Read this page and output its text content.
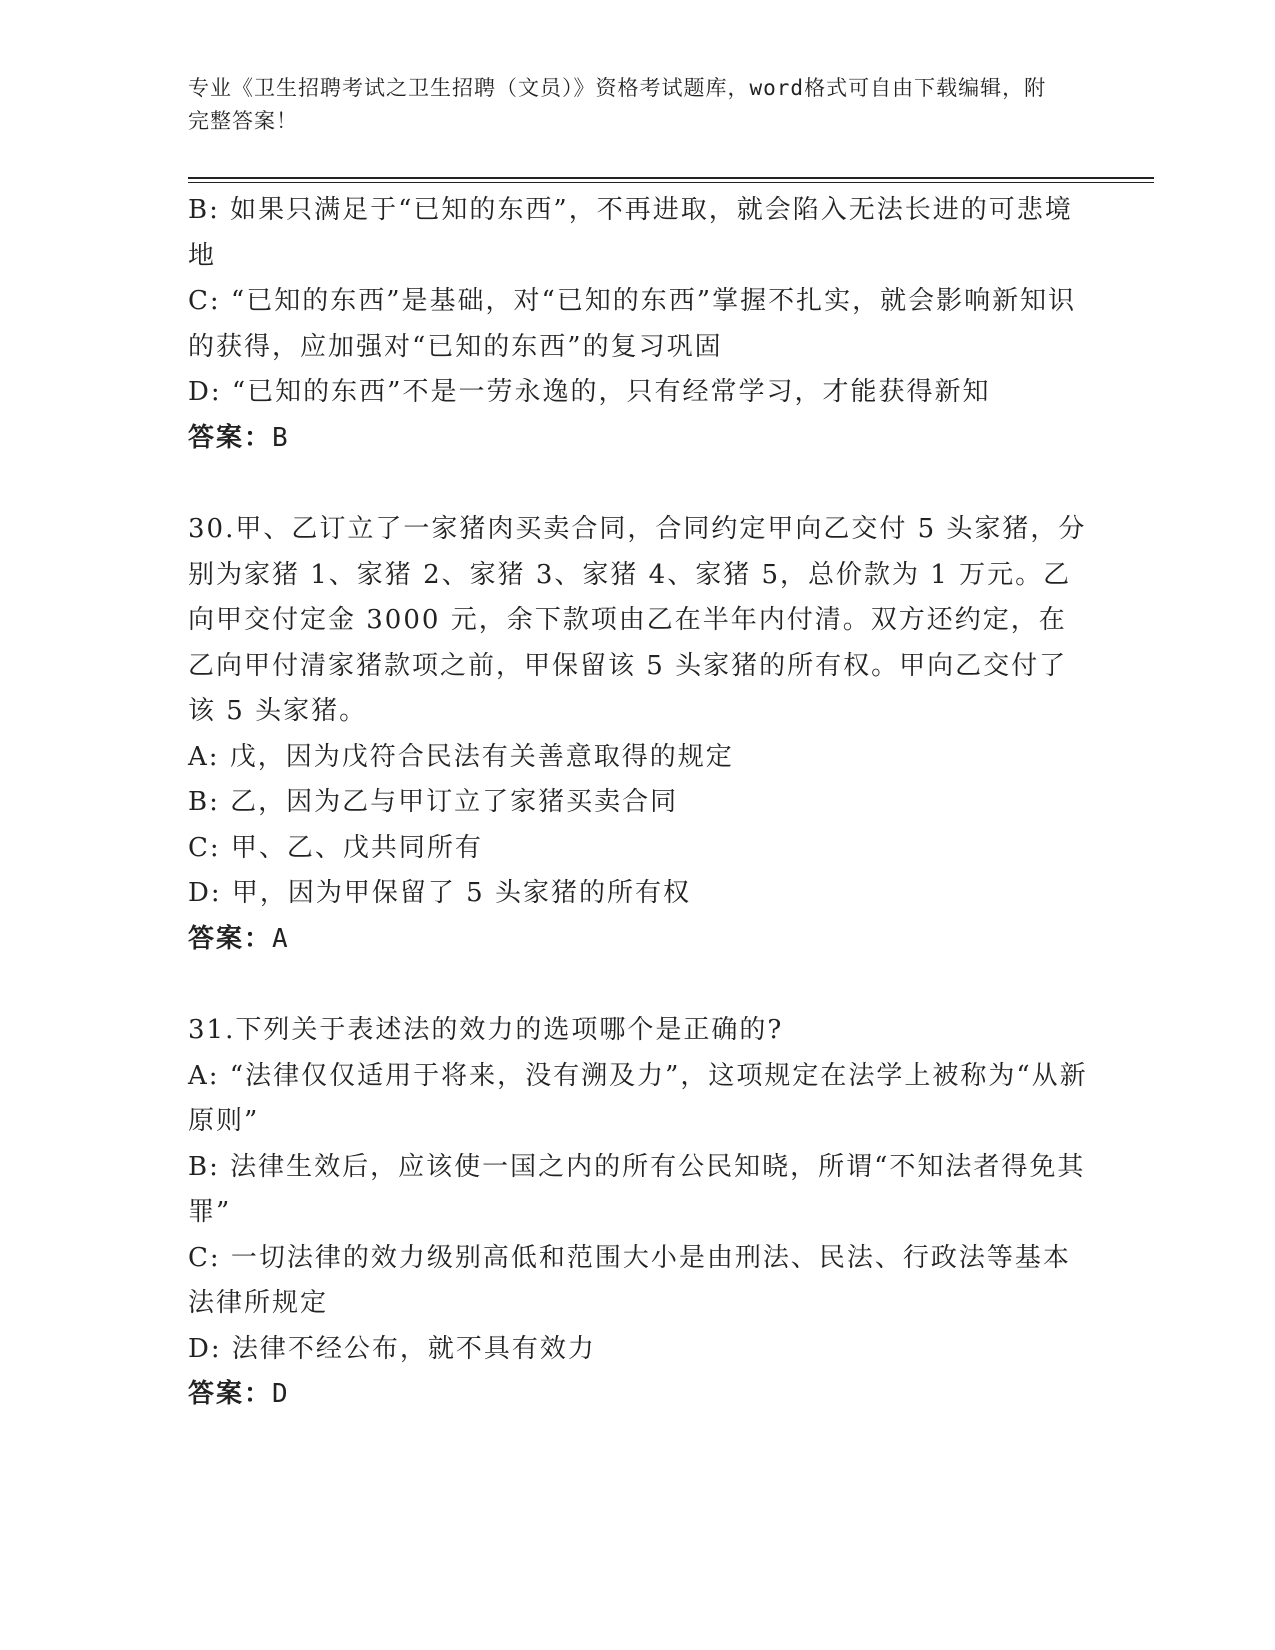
专业《卫生招聘考试之卫生招聘（文员）》资格考试题库，word格式可自由下载编辑，附完整答案！

B: 如果只满足于“已知的东西”，不再进取，就会陷入无法长进的可悲境地

C: “已知的东西”是基础，对“已知的东西”掌握不扎实，就会影响新知识的获得，应加强对“已知的东西”的复习巩固

D: “已知的东西”不是一劳永逸的，只有经常学习，才能获得新知

答案：B

30.甲、乙订立了一家猪肉买卖合同，合同约定甲向乙交付 5 头家猪，分别为家猪 1、家猪 2、家猪 3、家猪 4、家猪 5，总价款为 1 万元。乙向甲交付定金 3000 元，余下款项由乙在半年内付清。双方还约定，在乙向甲付清家猪款项之前，甲保留该 5 头家猪的所有权。甲向乙交付了该 5 头家猪。

A: 戊，因为戊符合民法有关善意取得的规定

B: 乙，因为乙与甲订立了家猪买卖合同

C: 甲、乙、戊共同所有

D: 甲，因为甲保留了 5 头家猪的所有权

答案：A

31.下列关于表述法的效力的选项哪个是正确的?

A: “法律仅仅适用于将来，没有溯及力”，这项规定在法学上被称为“从新原则”

B: 法律生效后，应该使一国之内的所有公民知晓，所谓“不知法者得免其罪”

C: 一切法律的效力级别高低和范围大小是由刑法、民法、行政法等基本法律所规定

D: 法律不经公布，就不具有效力

答案：D
